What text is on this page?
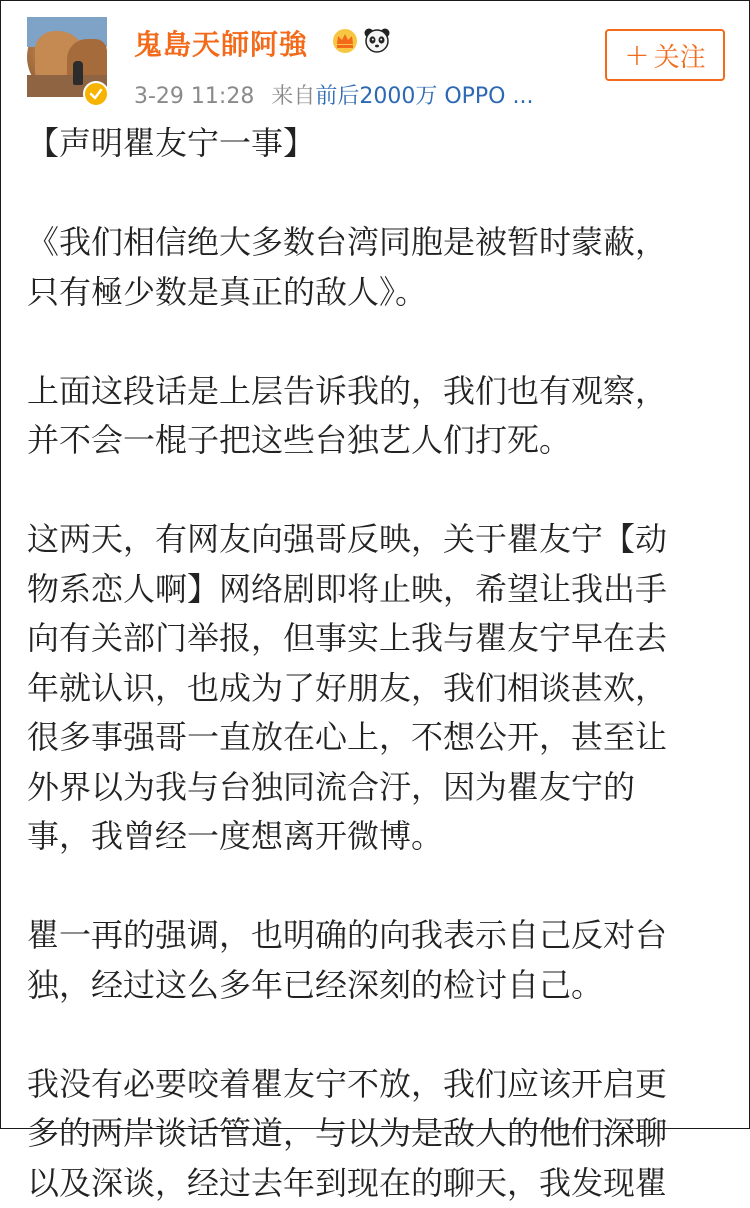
鬼島天師阿強
3-29 11:28 来自前后2000万 OPPO ...
+ 关注

【声明瞿友宁一事】

《我们相信绝大多数台湾同胞是被暂时蒙蔽，

只有極少数是真正的敌人》。

上面这段话是上层告诉我的，我们也有观察，

并不会一棍子把这些台独艺人们打死。

这两天，有网友向强哥反映，关于瞿友宁【动

物系恋人啊】网络剧即将止映，希望让我出手

向有关部门举报，但事实上我与瞿友宁早在去

年就认识，也成为了好朋友，我们相谈甚欢，

很多事强哥一直放在心上，不想公开，甚至让

外界以为我与台独同流合汙，因为瞿友宁的

事，我曾经一度想离开微博。

瞿一再的强调，也明确的向我表示自己反对台

独，经过这么多年已经深刻的检讨自己。

我没有必要咬着瞿友宁不放，我们应该开启更

多的两岸谈话管道，与以为是敌人的他们深聊

以及深谈，经过去年到现在的聊天，我发现瞿
